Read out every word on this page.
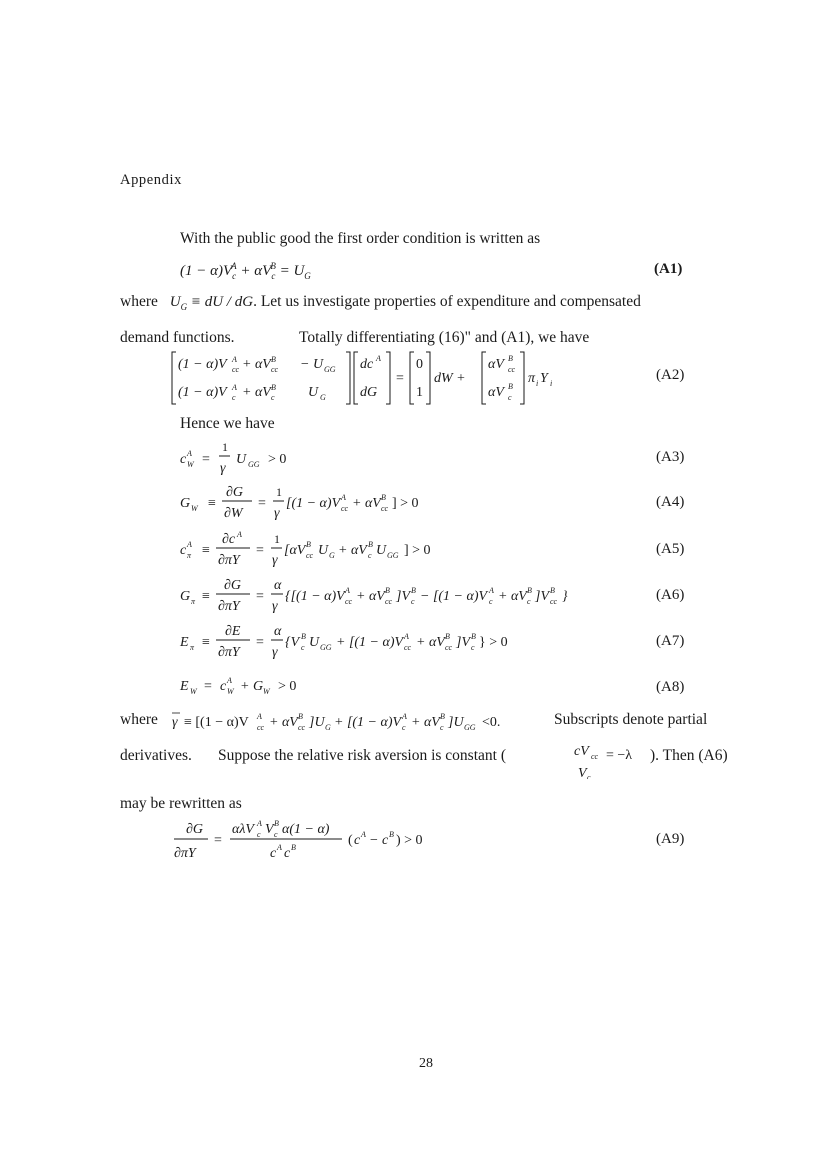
Appendix
With the public good the first order condition is written as
$(1 - \alpha)V_c^A + \alpha V_c^B = U_G$	(A1)
where $U_G$ ≡ dU / dG. Let us investigate properties of expenditure and compensated
demand functions.	Totally differentiating (16)" and (A1), we have
(1 − α)V A
cc + αV B
cc − U GG
(1 − α)V A
c + αV B
c U G
dc A
dG
=
0
1
dW +
αV B
cc
αV B
c
π i Y i
(A2)
Hence we have
c A
W =
1
γ
U GG > 0	(A3)
G W ≡
∂G
∂W
=
1
γ
[(1 − α)V A
cc + αV B
cc ] > 0	(A4)
c A
π ≡
∂c A
∂πY
=
1
γ
[αV B
cc U G + αV B
c U GG ] > 0	(A5)
G π ≡
∂G
∂πY
=
α
γ
{[(1 − α)V A
cc + αV B
cc ]V B
c − [(1 − α)V A
c + αV B
c ]V B
cc }	(A6)
E π ≡
∂E
∂πY
=
α
γ
{V B
c U GG + [(1 − α)V A
cc + αV B
cc ]V B
c } > 0	(A7)
E W = c A
W + G W > 0	(A8)
where γ ≡ [(1 − α)V A
cc + αV B
cc ]U G + [(1 − α)V A
c + αV B
c ]U GG <0.	Subscripts denote partial
derivatives. Suppose the relative risk aversion is constant (	cV cc = −λ
V c
). Then (A6)
may be rewritten as
∂G
∂πY
=
αλV A
c V B
c α(1 − α)
c A c B	( c A − c B ) > 0	(A9)
28
